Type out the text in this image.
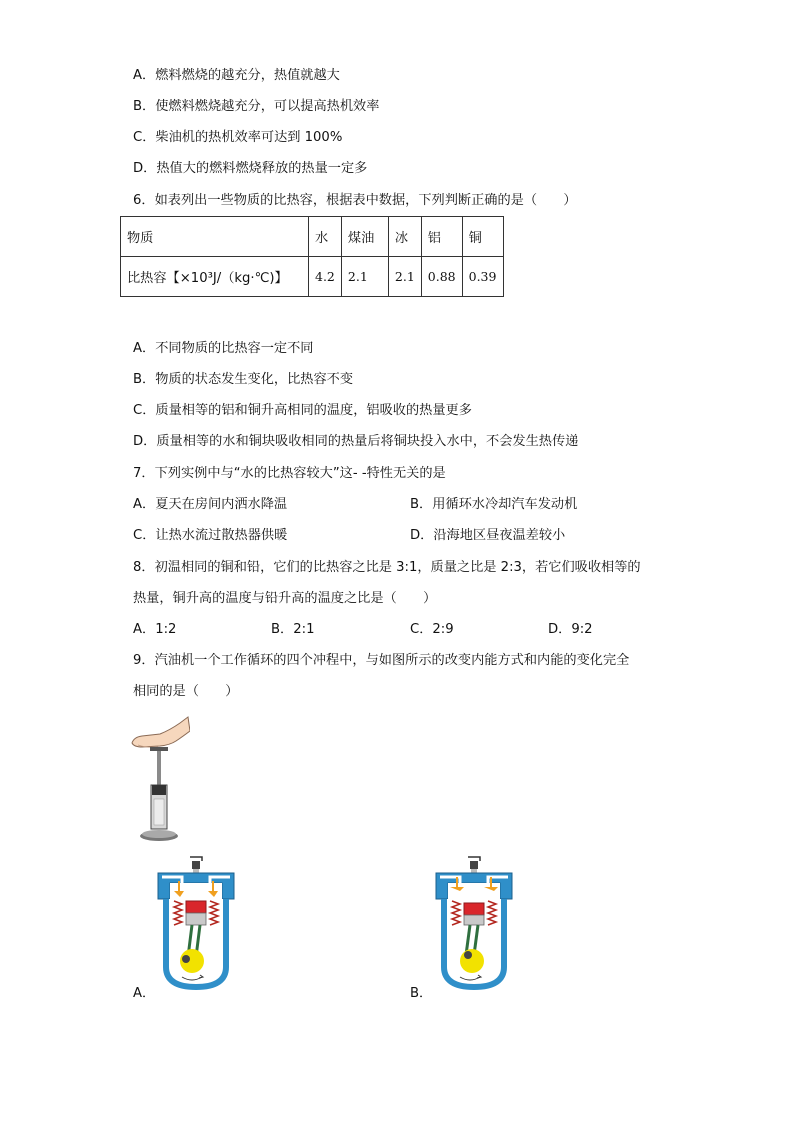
A．燃料燃烧的越充分，热值就越大
B．使燃料燃烧越充分，可以提高热机效率
C．柴油机的热机效率可达到 100%
D．热值大的燃料燃烧释放的热量一定多
6．如表列出一些物质的比热容，根据表中数据，下列判断正确的是（　　）
物质	水	煤油	冰	铝	铜
比热容【×10³J/（kg·℃)】	4.2	2.1	2.1	0.88	0.39
A．不同物质的比热容一定不同
B．物质的状态发生变化，比热容不变
C．质量相等的铝和铜升高相同的温度，铝吸收的热量更多
D．质量相等的水和铜块吸收相同的热量后将铜块投入水中，不会发生热传递
7．下列实例中与“水的比热容较大”这- -特性无关的是
A．夏天在房间内洒水降温	B．用循环水冷却汽车发动机
C．让热水流过散热器供暖	D．沿海地区昼夜温差较小
8．初温相同的铜和铅，它们的比热容之比是 3:1，质量之比是 2:3，若它们吸收相等的
热量，铜升高的温度与铅升高的温度之比是（　　）
A．1:2	B．2:1	C．2:9	D．9:2
9．汽油机一个工作循环的四个冲程中，与如图所示的改变内能方式和内能的变化完全
相同的是（　　）
A．	B．
